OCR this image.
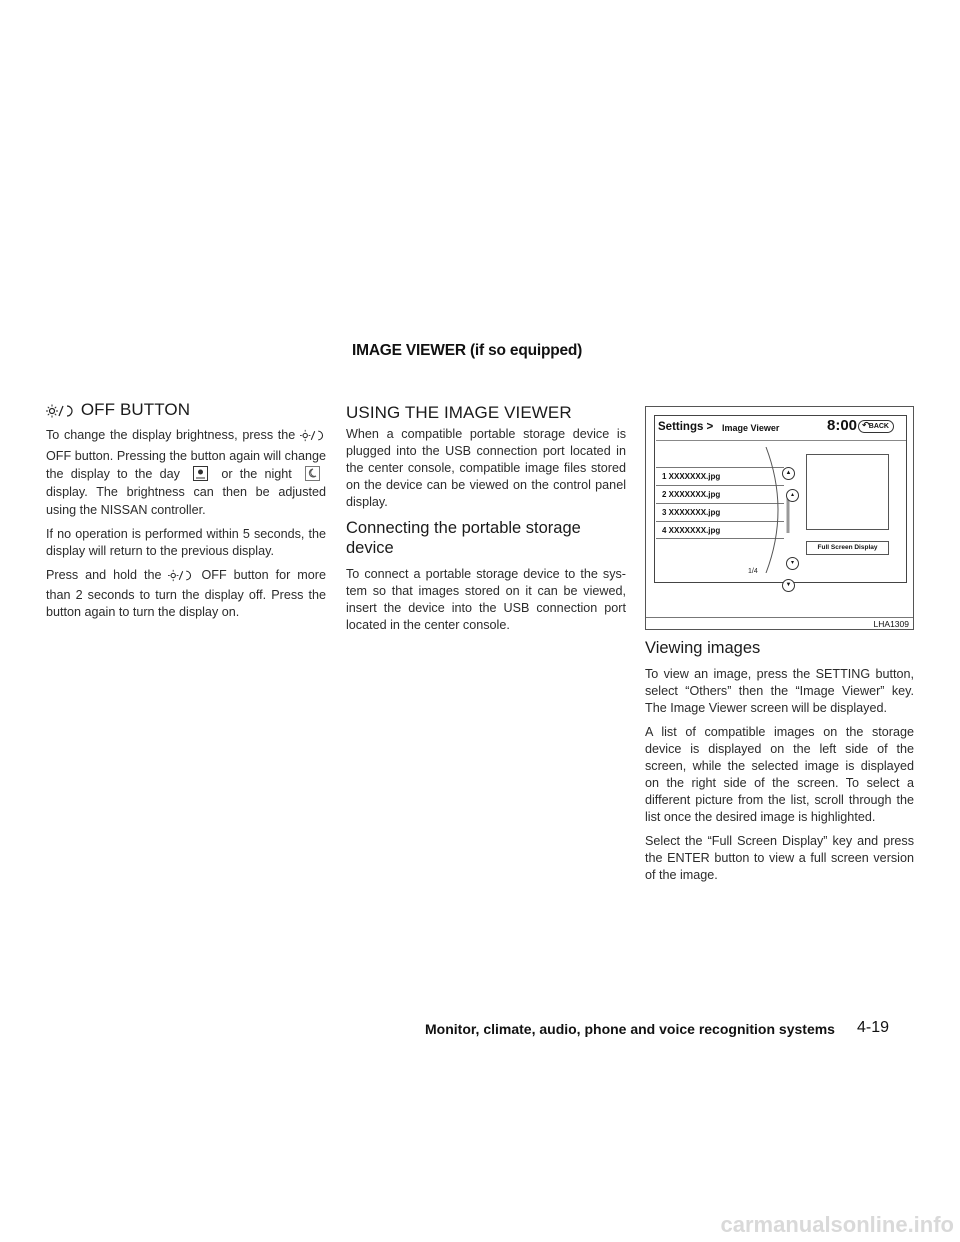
IMAGE VIEWER (if so equipped)
OFF BUTTON

To change the display brightness, press the  OFF button. Pressing the button again will change the display to the day	or the night  display. The brightness can then be adjusted using the NISSAN controller.

If no operation is performed within 5 seconds, the display will return to the previous display.

Press and hold the	OFF button for more than 2 seconds to turn the display off. Press the button again to turn the display on.

USING THE IMAGE VIEWER

When a compatible portable storage device is plugged into the USB connection port located in the center console, compatible image files stored on the device can be viewed on the control panel display.

Connecting the portable storage device

To connect a portable storage device to the sys-tem so that images stored on it can be viewed, insert the device into the USB connection port located in the center console.

Settings > Image Viewer	8:00 ↶ BACK
1 XXXXXXX.jpg
2 XXXXXXX.jpg
3 XXXXXXX.jpg
4 XXXXXXX.jpg
▲
▴
▾
▼
Full Screen Display
1/4
LHA1309
Viewing images

To view an image, press the SETTING button, select “Others” then the “Image Viewer” key. The Image Viewer screen will be displayed.

A list of compatible images on the storage device is displayed on the left side of the screen, while the selected image is displayed on the right side of the screen. To select a different picture from the list, scroll through the list once the desired image is highlighted.

Select the “Full Screen Display” key and press the ENTER button to view a full screen version of the image.

Monitor, climate, audio, phone and voice recognition systems 4-19
carmanualsonline.info
